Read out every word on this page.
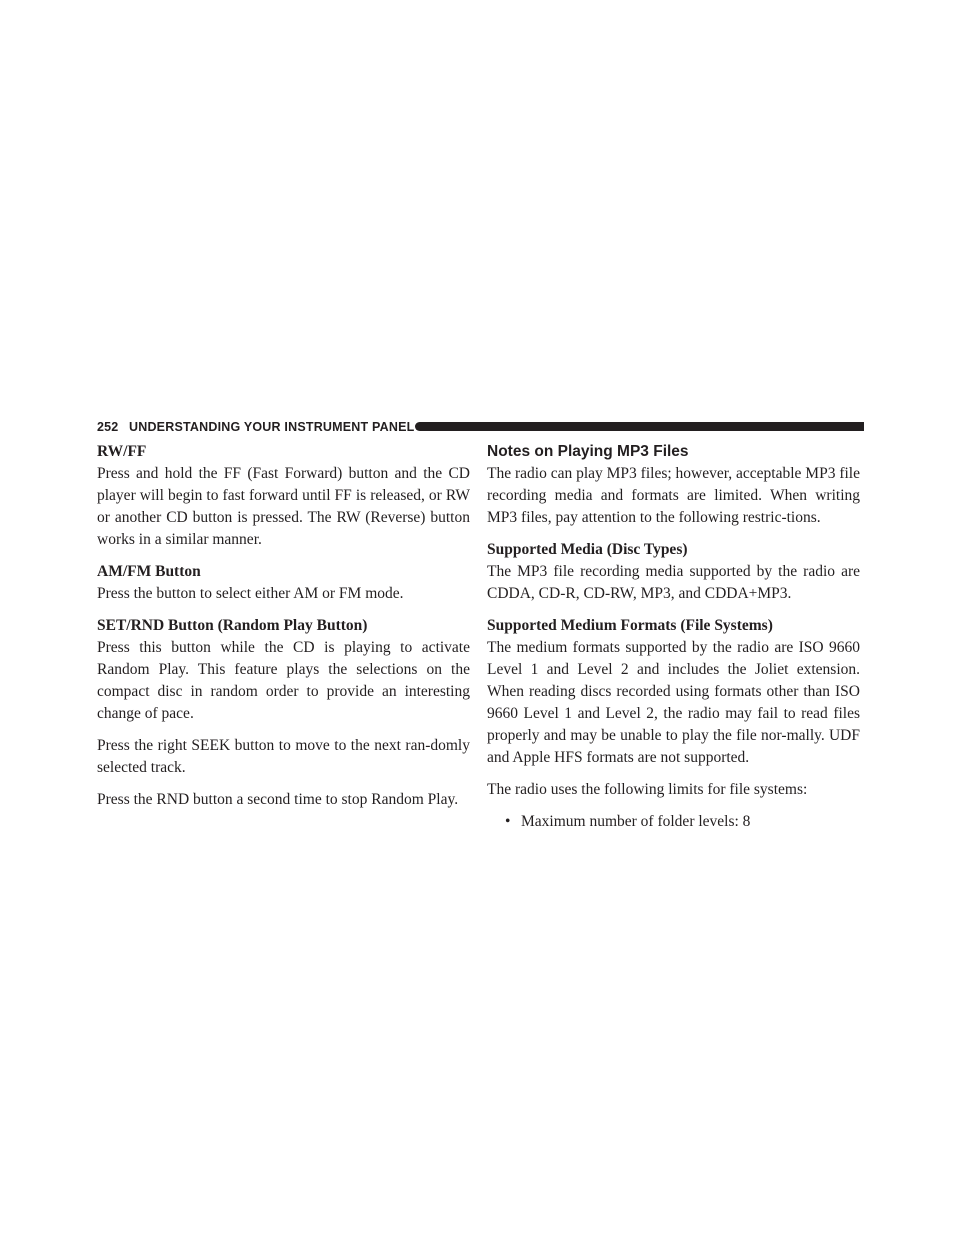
252 UNDERSTANDING YOUR INSTRUMENT PANEL
RW/FF

Press and hold the FF (Fast Forward) button and the CD player will begin to fast forward until FF is released, or RW or another CD button is pressed. The RW (Reverse) button works in a similar manner.

AM/FM Button

Press the button to select either AM or FM mode.

SET/RND Button (Random Play Button)

Press this button while the CD is playing to activate Random Play. This feature plays the selections on the compact disc in random order to provide an interesting change of pace.

Press the right SEEK button to move to the next ran-domly selected track.

Press the RND button a second time to stop Random Play.

Notes on Playing MP3 Files

The radio can play MP3 files; however, acceptable MP3 file recording media and formats are limited. When writing MP3 files, pay attention to the following restric-tions.

Supported Media (Disc Types)

The MP3 file recording media supported by the radio are CDDA, CD-R, CD-RW, MP3, and CDDA+MP3.

Supported Medium Formats (File Systems)

The medium formats supported by the radio are ISO 9660 Level 1 and Level 2 and includes the Joliet extension. When reading discs recorded using formats other than ISO 9660 Level 1 and Level 2, the radio may fail to read files properly and may be unable to play the file nor-mally. UDF and Apple HFS formats are not supported.

The radio uses the following limits for file systems:

• Maximum number of folder levels: 8
